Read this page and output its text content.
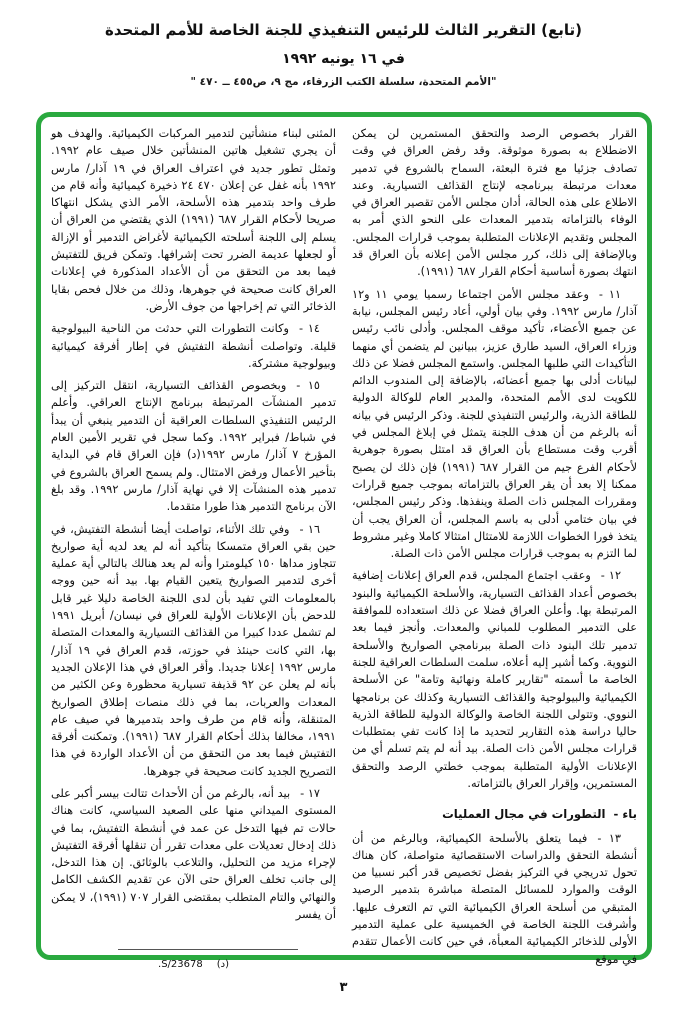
(تابع) التقرير الثالث للرئيس التنفيذي للجنة الخاصة للأمم المتحدة
في ١٦ يونيه ١٩٩٢
"الأمم المتحدة، سلسلة الكتب الزرقاء، مج ٩، ص٤٥٥ ــ ٤٧٠ "

القرار بخصوص الرصد والتحقق المستمرين لن يمكن الاضطلاع به بصورة موثوقة. وقد رفض العراق في وقت تصادف جزئيا مع فترة البعثة، السماح بالشروع في تدمير معدات مرتبطة ببرنامجه لإنتاج القذائف التسيارية. وعند الاطلاع على هذه الحالة، أدان مجلس الأمن تقصير العراق في الوفاء بالتزاماته بتدمير المعدات على النحو الذي أمر به المجلس وتقديم الإعلانات المتطلبة بموجب قرارات المجلس. وبالإضافة إلى ذلك، كرر مجلس الأمن إعلانه بأن العراق قد انتهك بصورة أساسية أحكام القرار ٦٨٧ (١٩٩١).

١١ -وعقد مجلس الأمن اجتماعا رسميا يومي ١١ و١٢ آذار/ مارس ١٩٩٢. وفي بيان أولي، أعاد رئيس المجلس، نيابة عن جميع الأعضاء، تأكيد موقف المجلس. وأدلى نائب رئيس وزراء العراق، السيد طارق عزيز، ببيانين لم يتضمن أي منهما التأكيدات التي طلبها المجلس. واستمع المجلس فضلا عن ذلك لبيانات أدلى بها جميع أعضائه، بالإضافة إلى المندوب الدائم للكويت لدى الأمم المتحدة، والمدير العام للوكالة الدولية للطاقة الذرية، والرئيس التنفيذي للجنة. وذكر الرئيس في بيانه أنه بالرغم من أن هدف اللجنة يتمثل في إبلاغ المجلس في أقرب وقت مستطاع بأن العراق قد امتثل بصورة جوهرية لأحكام الفرع جيم من القرار ٦٨٧ (١٩٩١) فإن ذلك لن يصبح ممكنا إلا بعد أن يقر العراق بالتزاماته بموجب جميع قرارات ومقررات المجلس ذات الصلة وينفذها. وذكر رئيس المجلس، في بيان ختامي أدلى به باسم المجلس، أن العراق يجب أن يتخذ فورا الخطوات اللازمة للامتثال امتثالا كاملا وغير مشروط لما التزم به بموجب قرارات مجلس الأمن ذات الصلة.

١٢ -وعقب اجتماع المجلس، قدم العراق إعلانات إضافية بخصوص أعداد القذائف التسيارية، والأسلحة الكيميائية والبنود المرتبطة بها. وأعلن العراق فضلا عن ذلك استعداده للموافقة على التدمير المطلوب للمباني والمعدات. وأنجز فيما بعد تدمير تلك البنود ذات الصلة ببرنامجي الصواريخ والأسلحة النووية. وكما أشير إليه أعلاه، سلمت السلطات العراقية للجنة الخاصة ما أسمته "تقارير كاملة ونهائية وتامة" عن الأسلحة الكيميائية والبيولوجية والقذائف التسيارية وكذلك عن برنامجها النووي. وتتولى اللجنة الخاصة والوكالة الدولية للطاقة الذرية حاليا دراسة هذه التقارير لتحديد ما إذا كانت تفي بمتطلبات قرارات مجلس الأمن ذات الصلة. بيد أنه لم يتم تسلم أي من الإعلانات الأولية المتطلبة بموجب خطتي الرصد والتحقق المستمرين، وإقرار العراق بالتزاماته.

باء -التطورات في مجال العمليات

١٣ -فيما يتعلق بالأسلحة الكيميائية، وبالرغم من أن أنشطة التحقق والدراسات الاستقصائية متواصلة، كان هناك تحول تدريجي في التركيز بفضل تخصيص قدر أكبر نسبيا من الوقت والموارد للمسائل المتصلة مباشرة بتدمير الرصيد المتبقي من أسلحة العراق الكيميائية التي تم التعرف عليها. وأشرفت اللجنة الخاصة في الخميسية على عملية التدمير الأولى للذخائر الكيميائية المعبأة، في حين كانت الأعمال تتقدم في موقع

المثنى لبناء منشأتين لتدمير المركبات الكيميائية. والهدف هو أن يجري تشغيل هاتين المنشأتين خلال صيف عام ١٩٩٢. وتمثل تطور جديد في اعتراف العراق في ١٩ آذار/ مارس ١٩٩٢ بأنه غفل عن إعلان ٤٧٠ ٢٤ ذخيرة كيميائية وأنه قام من طرف واحد بتدمير هذه الأسلحة، الأمر الذي يشكل انتهاكا صريحا لأحكام القرار ٦٨٧ (١٩٩١) الذي يقتضي من العراق أن يسلم إلى اللجنة أسلحته الكيميائية لأغراض التدمير أو الإزالة أو لجعلها عديمة الضرر تحت إشرافها. وتمكن فريق للتفتيش فيما بعد من التحقق من أن الأعداد المذكورة في إعلانات العراق كانت صحيحة في جوهرها، وذلك من خلال فحص بقايا الذخائر التي تم إخراجها من جوف الأرض.

١٤ -وكانت التطورات التي حدثت من الناحية البيولوجية قليلة. وتواصلت أنشطة التفتيش في إطار أفرقة كيميائية وبيولوجية مشتركة.

١٥ -وبخصوص القذائف التسيارية، انتقل التركيز إلى تدمير المنشآت المرتبطة ببرنامج الإنتاج العراقي. وأعلم الرئيس التنفيذي السلطات العراقية أن التدمير ينبغي أن يبدأ في شباط/ فبراير ١٩٩٢. وكما سجل في تقرير الأمين العام المؤرخ ٧ آذار/ مارس ١٩٩٢(د) فإن العراق قام في البداية بتأخير الأعمال ورفض الامتثال. ولم يسمح العراق بالشروع في تدمير هذه المنشآت إلا في نهاية آذار/ مارس ١٩٩٢. وقد بلغ الآن برنامج التدمير هذا طورا متقدما.

١٦ -وفي تلك الأثناء، تواصلت أيضا أنشطة التفتيش، في حين بقي العراق متمسكا بتأكيد أنه لم يعد لديه أية صواريخ تتجاوز مداها ١٥٠ كيلومترا وأنه لم يعد هنالك بالتالي أية عملية أخرى لتدمير الصواريخ يتعين القيام بها. بيد أنه حين ووجه بالمعلومات التي تفيد بأن لدى اللجنة الخاصة دليلا غير قابل للدحض بأن الإعلانات الأولية للعراق في نيسان/ أبريل ١٩٩١ لم تشمل عددا كبيرا من القذائف التسيارية والمعدات المتصلة بها، التي كانت حينئذ في حوزته، قدم العراق في ١٩ آذار/ مارس ١٩٩٢ إعلانا جديدا. وأقر العراق في هذا الإعلان الجديد بأنه لم يعلن عن ٩٢ قذيفة تسيارية محظورة وعن الكثير من المعدات والعربات، بما في ذلك منصات إطلاق الصواريخ المتنقلة، وأنه قام من طرف واحد بتدميرها في صيف عام ١٩٩١، مخالفا بذلك أحكام القرار ٦٨٧ (١٩٩١). وتمكنت أفرقة التفتيش فيما بعد من التحقق من أن الأعداد الواردة في هذا التصريح الجديد كانت صحيحة في جوهرها.

١٧ -بيد أنه، بالرغم من أن الأحداث تتالت بيسر أكبر على المستوى الميداني منها على الصعيد السياسي، كانت هناك حالات تم فيها التدخل عن عمد في أنشطة التفتيش، بما في ذلك إدخال تعديلات على معدات تقرر أن تنقلها أفرقة التفتيش لإجراء مزيد من التحليل، والتلاعب بالوثائق. إن هذا التدخل، إلى جانب تخلف العراق حتى الآن عن تقديم الكشف الكامل والنهائي والتام المتطلب بمقتضى القرار ٧٠٧ (١٩٩١)، لا يمكن أن يفسر

(د)S/23678.
٣
